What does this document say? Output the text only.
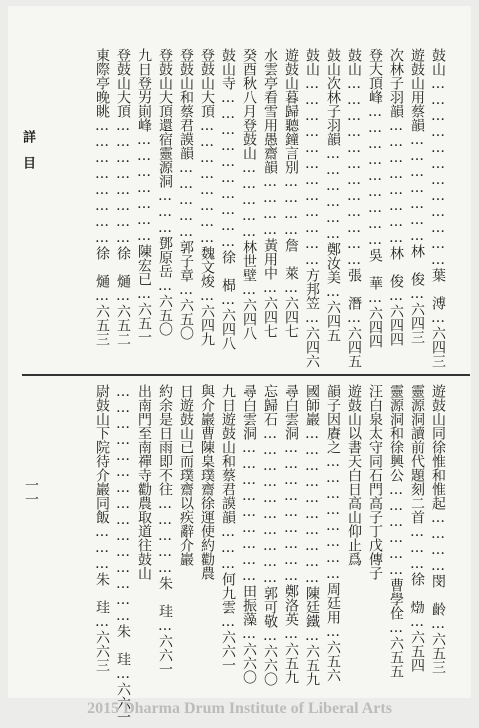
詳　目
一一
鼓山………………………………葉　溥…六四三
遊鼓山用蔡韻…………………林　俊…六四三
次林子羽韻……………………林　俊…六四四
登大頂峰………………………吳　華…六四四
鼓山………………………………張　潛…六四五
鼓山次林子羽韻………………鄭汝美…六四五
鼓山………………………………方邦笠…六四六
遊鼓山暮歸聽鐘言別…………詹　萊…六四七
水雲亭看雪用愚齋韻…………黃用中…六四七
癸酉秋八月登鼓山……………林世壁…六四八
鼓山寺…………………………徐　㭿…六四八
登鼓山大頂……………………魏文焌…六四九
登鼓山和蔡君謨韻……………郭子章…六五〇
登鼓山大頂還宿靈源洞………鄧原岳…六五〇
九日登屴崱峰…………………陳宏已…六五一
登鼓山大頂……………………徐　熥…六五二
東際亭晚眺……………………徐　熥…六五三
遊鼓山同徐惟和惟起…………閔　齡…六五三
靈源洞讀前代題刻二首………徐　𤊹…六五四
靈源洞和徐興公………………曹學佺…六五五
汪白泉太守同石門高子丁戊傳子
遊鼓山以書天白日高山仰止爲
韻子因賡之……………………周廷用…六五六
國師巖…………………………陳廷鐵…六五九
尋白雲洞………………………鄭洛英…六五九
忘歸石…………………………郭可敬…六六〇
尋白雲洞………………………田振藻…六六〇
九日遊鼓山和蔡君謨韻………何九雲…六六一
與介巖曹陳臬璞齋徐運使約勸農
日遊鼓山已而璞齋以疾辭介巖
約余是日雨即不往……………朱　珪…六六一
出南門至南禪寺勸農取道往鼓山
………………………………………朱　珪…六六一
尉鼓山下院待介巖同飯………朱　珪…六六三
2015 Dharma Drum Institute of Liberal Arts
